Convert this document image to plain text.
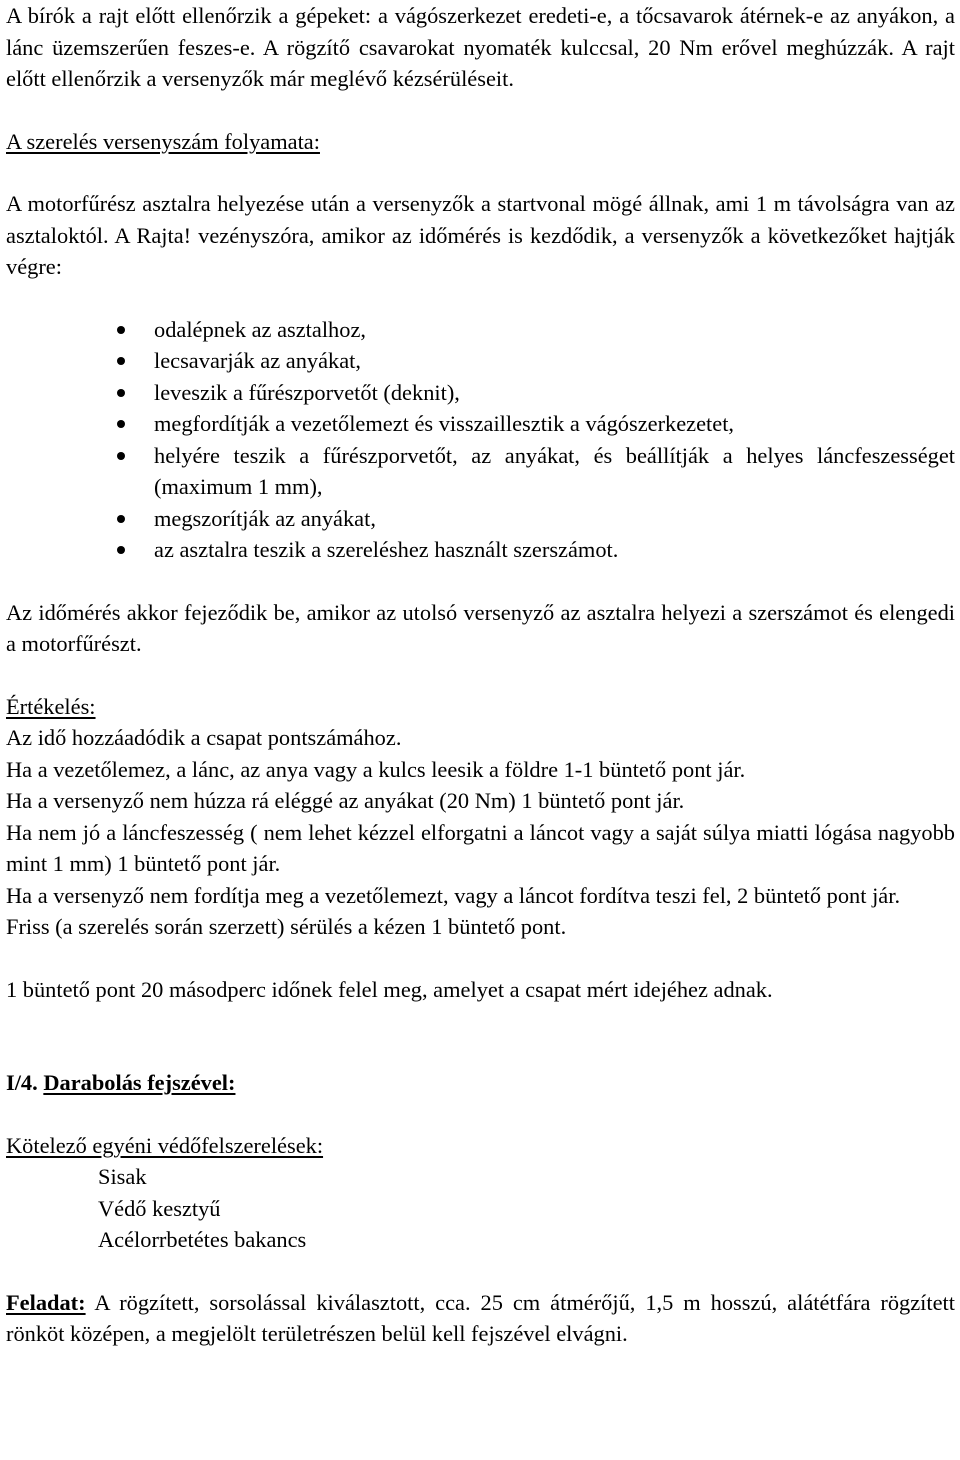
A bírók a rajt előtt ellenőrzik a gépeket: a vágószerkezet eredeti-e, a tőcsavarok átérnek-e az anyákon, a lánc üzemszerűen feszes-e. A rögzítő csavarokat nyomaték kulccsal, 20 Nm erővel meghúzzák. A rajt előtt ellenőrzik a versenyzők már meglévő kézsérüléseit.

A szerelés versenyszám folyamata:

A motorfűrész asztalra helyezése után a versenyzők a startvonal mögé állnak, ami 1 m távolságra van az asztaloktól. A Rajta! vezényszóra, amikor az időmérés is kezdődik, a versenyzők a következőket hajtják végre:

odalépnek az asztalhoz,
lecsavarják az anyákat,
leveszik a fűrészporvetőt (deknit),
megfordítják a vezetőlemezt és visszaillesztik a vágószerkezetet,
helyére teszik a fűrészporvetőt, az anyákat, és beállítják a helyes láncfeszességet (maximum 1 mm),
megszorítják az anyákat,
az asztalra teszik a szereléshez használt szerszámot.

Az időmérés akkor fejeződik be, amikor az utolsó versenyző az asztalra helyezi a szerszámot és elengedi a motorfűrészt.

Értékelés:

Az idő hozzáadódik a csapat pontszámához.

Ha a vezetőlemez, a lánc, az anya vagy a kulcs leesik a földre 1-1 büntető pont jár.

Ha a versenyző nem húzza rá eléggé az anyákat (20 Nm) 1 büntető pont jár.

Ha nem jó a láncfeszesség ( nem lehet kézzel elforgatni a láncot vagy a saját súlya miatti lógása nagyobb mint 1 mm) 1 büntető pont jár.

Ha a versenyző nem fordítja meg a vezetőlemezt, vagy a láncot fordítva teszi fel, 2 büntető pont jár.

Friss (a szerelés során szerzett) sérülés a kézen 1 büntető pont.

1 büntető pont 20 másodperc időnek felel meg, amelyet a csapat mért idejéhez adnak.

I/4. Darabolás fejszével:

Kötelező egyéni védőfelszerelések:

Sisak

Védő kesztyű

Acélorrbetétes bakancs

Feladat: A rögzített, sorsolással kiválasztott, cca. 25 cm átmérőjű, 1,5 m hosszú, alátétfára rögzített rönköt középen, a megjelölt területrészen belül kell fejszével elvágni.
